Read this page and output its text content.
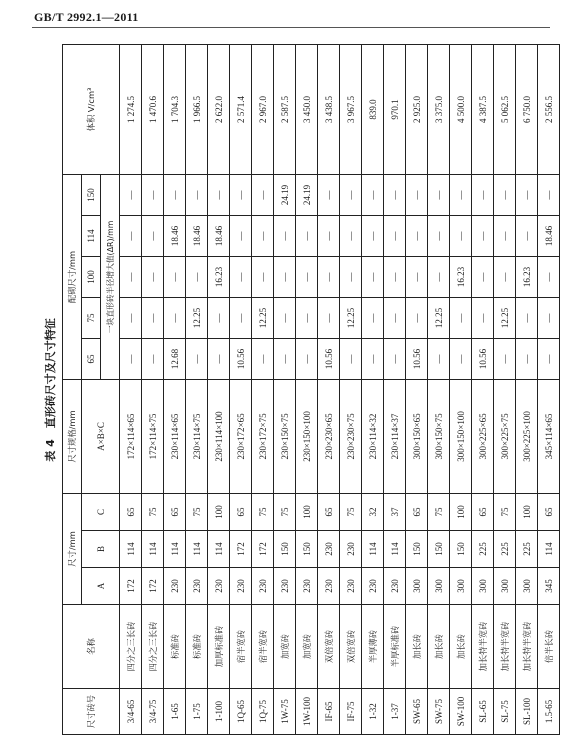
GB/T 2992.1—2011
表 4　直形砖尺寸及尺寸特征
尺寸砖号	名称	尺寸/mm			尺寸规格/mm	配砌尺寸/mm					体积 V/cm³
		A	B	C	A×B×C	65	75	100	114	150	
						一块直形砖半径增大值(ΔR)/mm					
3/4-65	四分之三长砖	172	114	65	172×114×65	—	—	—	—	—	1 274.5
3/4-75	四分之三长砖	172	114	75	172×114×75	—	—	—	—	—	1 470.6
1-65	标准砖	230	114	65	230×114×65	12.68	—	—	18.46	—	1 704.3
1-75	标准砖	230	114	75	230×114×75	—	12.25	—	18.46	—	1 966.5
1-100	加厚标准砖	230	114	100	230×114×100	—	—	16.23	18.46	—	2 622.0
1Q-65	宿半宽砖	230	172	65	230×172×65	10.56	—	—	—	—	2 571.4
1Q-75	宿半宽砖	230	172	75	230×172×75	—	12.25	—	—	—	2 967.0
1W-75	加宽砖	230	150	75	230×150×75	—	—	—	—	24.19	2 587.5
1W-100	加宽砖	230	150	100	230×150×100	—	—	—	—	24.19	3 450.0
IF-65	双倍宽砖	230	230	65	230×230×65	10.56	—	—	—	—	3 438.5
IF-75	双倍宽砖	230	230	75	230×230×75	—	12.25	—	—	—	3 967.5
1-32	半厚薄砖	230	114	32	230×114×32	—	—	—	—	—	839.0
1-37	半厚标准砖	230	114	37	230×114×37	—	—	—	—	—	970.1
SW-65	加长砖	300	150	65	300×150×65	10.56	—	—	—	—	2 925.0
SW-75	加长砖	300	150	75	300×150×75	—	12.25	—	—	—	3 375.0
SW-100	加长砖	300	150	100	300×150×100	—	—	16.23	—	—	4 500.0
SL-65	加长特半宽砖	300	225	65	300×225×65	10.56	—	—	—	—	4 387.5
SL-75	加长特半宽砖	300	225	75	300×225×75	—	12.25	—	—	—	5 062.5
SL-100	加长特半宽砖	300	225	100	300×225×100	—	—	16.23	—	—	6 750.0
1.5-65	倍半长砖	345	114	65	345×114×65	—	—	—	18.46	—	2 556.5
